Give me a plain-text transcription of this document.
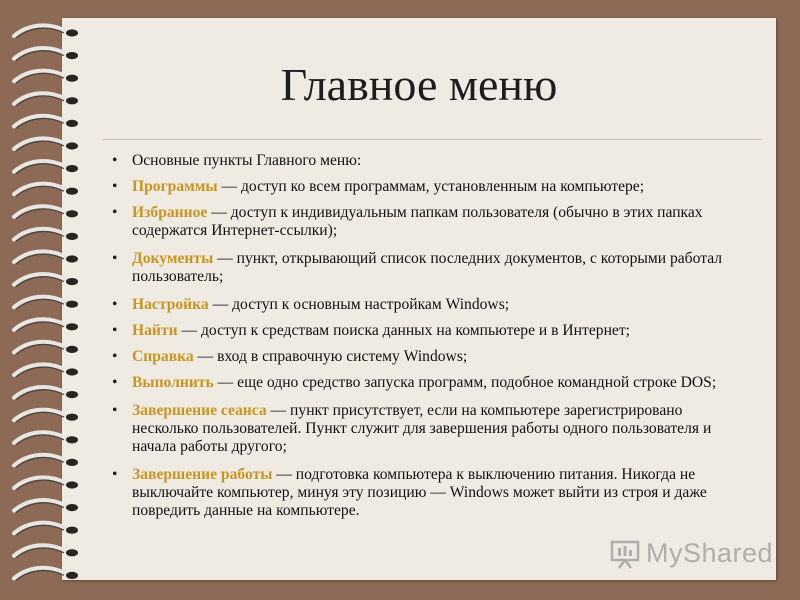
Главное меню
• Основные пункты Главного меню:
• Программы — доступ ко всем программам, установленным на компьютере;
• Избранное — доступ к индивидуальным папкам пользователя (обычно в этих папках содержатся Интернет-ссылки);
• Документы — пункт, открывающий список последних документов, с которыми работал пользователь;
• Настройка — доступ к основным настройкам Windows;
• Найти — доступ к средствам поиска данных на компьютере и в Интернет;
• Справка — вход в справочную систему Windows;
• Выполнить — еще одно средство запуска программ, подобное командной строке DOS;
• Завершение сеанса — пункт присутствует, если на компьютере зарегистрировано несколько пользователей. Пункт служит для завершения работы одного пользователя и начала работы другого;
• Завершение работы — подготовка компьютера к выключению питания. Никогда не выключайте компьютер, минуя эту позицию — Windows может выйти из строя и даже повредить данные на компьютере.
MyShared
